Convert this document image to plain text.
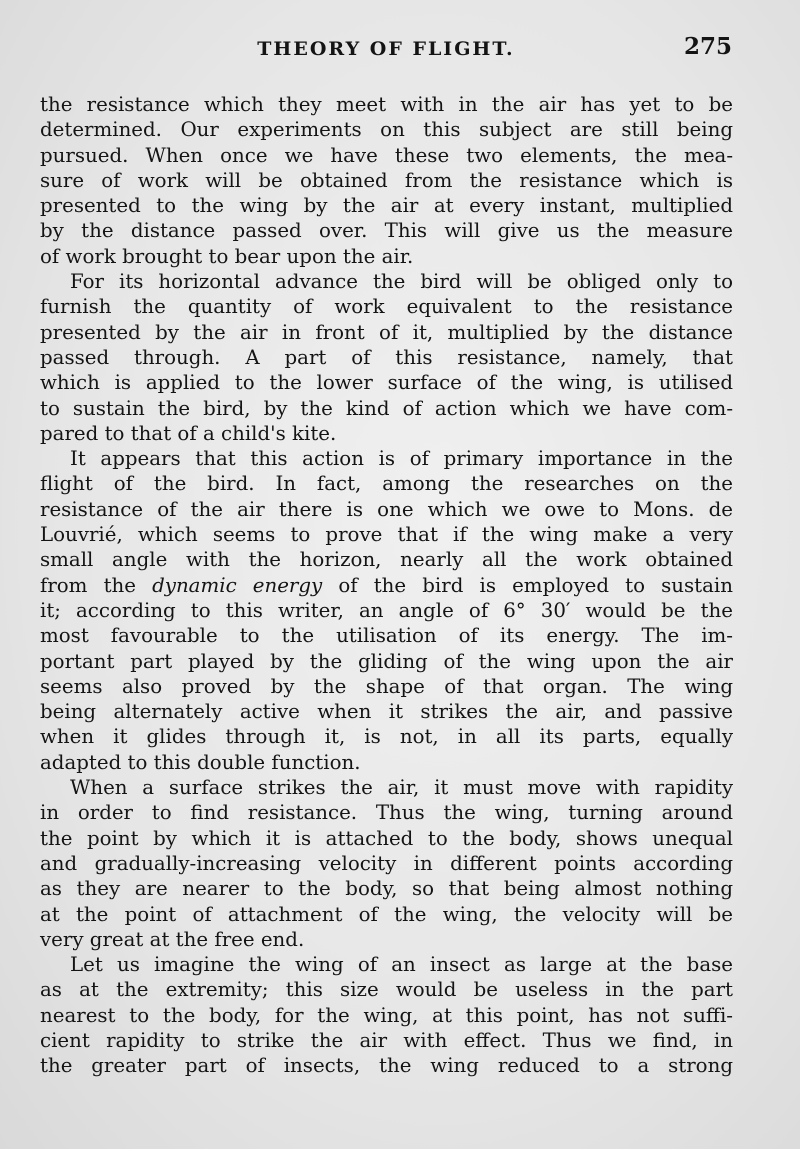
THEORY OF FLIGHT.	275
the resistance which they meet with in the air has yet to be
determined. Our experiments on this subject are still being
pursued. When once we have these two elements, the mea-
sure of work will be obtained from the resistance which is
presented to the wing by the air at every instant, multiplied
by the distance passed over. This will give us the measure
of work brought to bear upon the air.
For its horizontal advance the bird will be obliged only to
furnish the quantity of work equivalent to the resistance
presented by the air in front of it, multiplied by the distance
passed through. A part of this resistance, namely, that
which is applied to the lower surface of the wing, is utilised
to sustain the bird, by the kind of action which we have com-
pared to that of a child's kite.
It appears that this action is of primary importance in the
flight of the bird. In fact, among the researches on the
resistance of the air there is one which we owe to Mons. de
Louvrié, which seems to prove that if the wing make a very
small angle with the horizon, nearly all the work obtained
from the dynamic energy of the bird is employed to sustain
it; according to this writer, an angle of 6° 30′ would be the
most favourable to the utilisation of its energy. The im-
portant part played by the gliding of the wing upon the air
seems also proved by the shape of that organ. The wing
being alternately active when it strikes the air, and passive
when it glides through it, is not, in all its parts, equally
adapted to this double function.
When a surface strikes the air, it must move with rapidity
in order to find resistance. Thus the wing, turning around
the point by which it is attached to the body, shows unequal
and gradually-increasing velocity in different points according
as they are nearer to the body, so that being almost nothing
at the point of attachment of the wing, the velocity will be
very great at the free end.
Let us imagine the wing of an insect as large at the base
as at the extremity; this size would be useless in the part
nearest to the body, for the wing, at this point, has not suffi-
cient rapidity to strike the air with effect. Thus we find, in
the greater part of insects, the wing reduced to a strong
